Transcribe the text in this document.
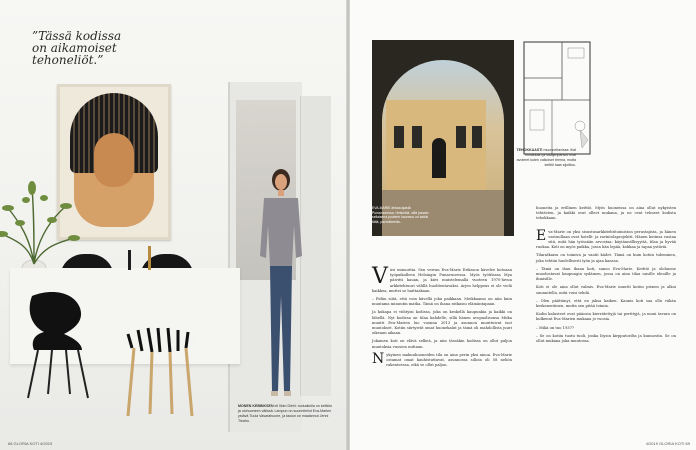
”Tässä kodissa on aikamoiset tehoneliöt.”
MONEN KEBBIKSEN eli Ilkim Diehl: ruokailutila on keittiön ja olohuoneen välissä. Lampun on suunnitellut Eva-Marien ystävä Tuula Vasarahuone, ja taulun on maalannut Jenni Tieaho.
68 GLORIA KOTI 4/2019
EVA-MARIE ahkaa ajastä Punavuoressa. Helsinkiä, sillä jossain sellaisena puuterin kauneus on kaikki tältä, parvekkeelta...
TEHOKKAASTI muunneltavissa: tilat rinnakkain ja sisäympäristö ovat avoimet kuten valkoiset teema, mutta keittiö taas sijoittuu.

Väsi minuuttia. Sen verran Eva-Marie Eriksson kävelee kotoaan työpaikalleen Helsingin Punavuoressa. Myös työtilassa Mya päivitti kauan, ja kävi muistelemalla vuoteen 1970-luvun arkkitehtuuri välillä huolitentavaksi. Arjen helppous ei ole vielä kaikkea, muttei se haittaakaan.

– Pidän siitä, että voin kävellä joka paikkaan. Meikkaamo on niin kuin muutama minuutin matka. Tämä on ihana ratkaisu elämäntapaan.

Ja kukapa ei viihtyisi kodissa, joka on keskellä kaupunkia ja kaikki on lähellä. Nyt kodissa on tilaa kahdelle, sillä hänen avopuolisonsa Miika muutti Eva-Marien luo vuonna 2013 ja asunnon muuttuivat isot muutokset. Kotiin siirtyivät omat huonekalut ja tämä oli mahdollista juuri oikeaan aikaan.

Jokainen koti on elävä selkeä, ja niin tässäkin kodissa on ollut paljon muutoksia vuosien mittaan.

Nykyinen makuuhuoneiden tila on aina perin yksi ainoa. Eva-Marie ostamat omat kauhistuttavat, asunnossa silloin oli 58 neliön rakenteessa, eikä se ollut paljon.

huoneita ja erillinen keittiö. Myös huoneissa on aina ollut nykyisten tehtävien, ja kaikki ovat olleet mukana, ja ne ovat tehneet kodista tehokkaan.

Eva-Marie on yksi sisustusarkkitehtitoimiston perustajista, ja hänen vastuullaan ovat hotelli- ja ravintolaprojektit. Hänen kotinsa vastaa sitä, mitä hän työssään arvostaa: käytännöllisyyttä, tilaa ja hyvää ruokaa. Koti on myös paikka, jossa hän lepää, kokkaa ja tapaa ystäviä.

Tilaratkaisu on toimiva ja vaatii kädet. Tämä on kuin kotiin tuleminen, joka tehtiin huolellisesti työn ja ajan kanssa.

– Tämä on ihan ihana koti, sanoo Eva-Marie. Keittiö ja olohuone muodostavat kaupungin sydämen, jossa on aina tilaa uusille ideoille ja ihmisille.

Koti ei ole aina ollut valmis. Eva-Marie muutti kotiin pienen ja alkoi suunnitella, mitä voisi tehdä.

– Olen päättänyt, että en jaksa kaiken. Kaunis koti saa olla vähän keskeneräinen, mutta sen pitää toimia.

Kodin kalusteet ovat pääosin kierrätettyjä tai perittyjä, ja moni tavara on kulkenut Eva-Marien mukana jo vuosia.

– Mikä on tuo 1937?

– Se on kotiin tuotu tuoli, jonka löysin kirpputorilta ja kunnostin. Se on ollut mukana joka muutossa.

4/2019 GLORIA KOTI 69
